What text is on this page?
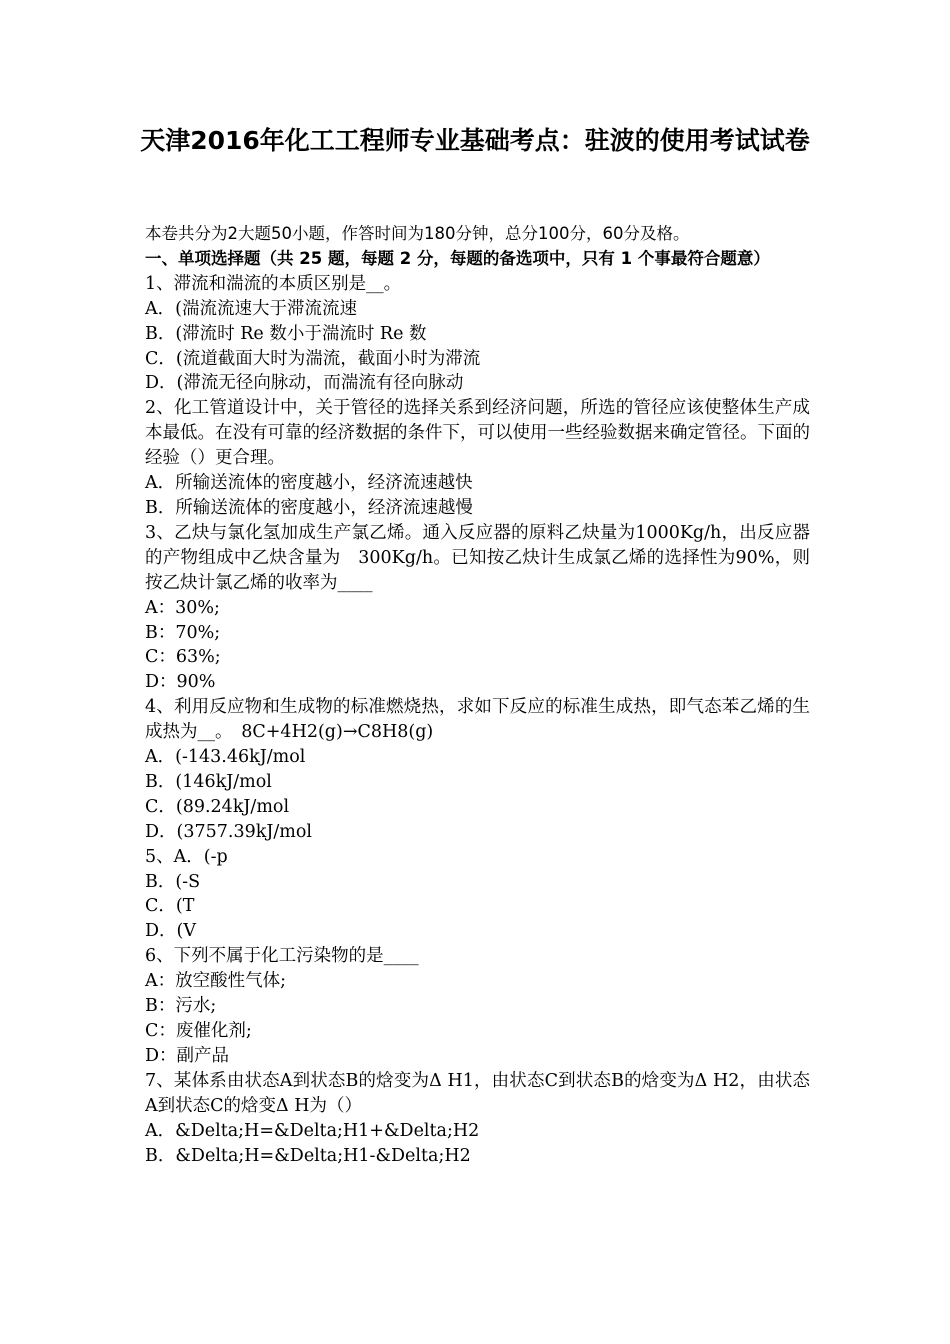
天津2016年化工工程师专业基础考点：驻波的使用考试试卷

本卷共分为2大题50小题，作答时间为180分钟，总分100分，60分及格。

一、单项选择题（共 25 题，每题 2 分，每题的备选项中，只有 1 个事最符合题意）

1、滞流和湍流的本质区别是__。

A．(湍流流速大于滞流流速

B．(滞流时 Re 数小于湍流时 Re 数

C．(流道截面大时为湍流，截面小时为滞流

D．(滞流无径向脉动，而湍流有径向脉动

2、化工管道设计中，关于管径的选择关系到经济问题，所选的管径应该使整体生产成本最低。在没有可靠的经济数据的条件下，可以使用一些经验数据来确定管径。下面的经验（）更合理。

A．所输送流体的密度越小，经济流速越快

B．所输送流体的密度越小，经济流速越慢

3、乙炔与氯化氢加成生产氯乙烯。通入反应器的原料乙炔量为1000Kg/h，出反应器的产物组成中乙炔含量为　300Kg/h。已知按乙炔计生成氯乙烯的选择性为90%，则按乙炔计氯乙烯的收率为____

A：30%;

B：70%;

C：63%;

D：90%

4、利用反应物和生成物的标准燃烧热，求如下反应的标准生成热，即气态苯乙烯的生成热为__。　8C+4H2(g)→C8H8(g)

A．(-143.46kJ/mol

B．(146kJ/mol

C．(89.24kJ/mol

D．(3757.39kJ/mol

5、A．(-p

B．(-S

C．(T

D．(V

6、下列不属于化工污染物的是____

A：放空酸性气体;

B：污水;

C：废催化剂;

D：副产品

7、某体系由状态A到状态B的焓变为Δ H1，由状态C到状态B的焓变为Δ H2，由状态A到状态C的焓变Δ H为（）

A．&Delta;H=&Delta;H1+&Delta;H2

B．&Delta;H=&Delta;H1-&Delta;H2
